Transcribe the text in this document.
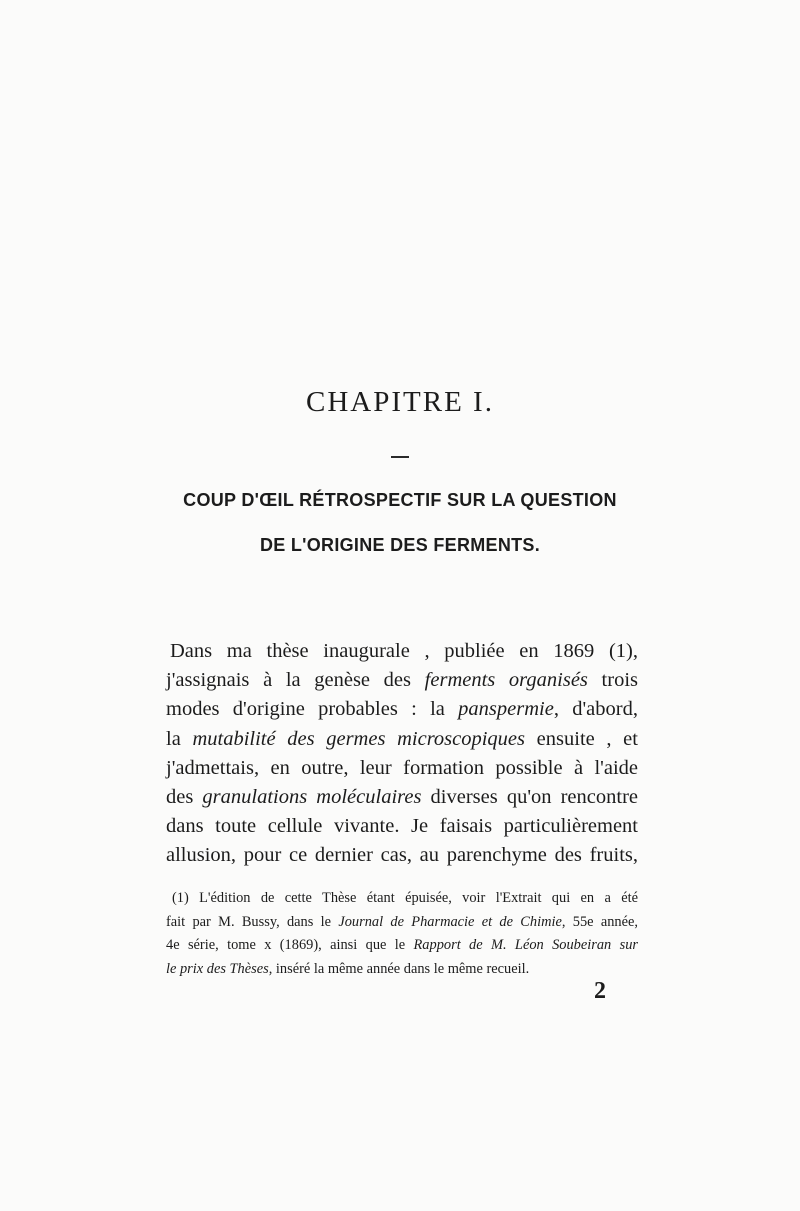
CHAPITRE I.
COUP D'ŒIL RÉTROSPECTIF SUR LA QUESTION
DE L'ORIGINE DES FERMENTS.

Dans ma thèse inaugurale , publiée en 1869 (1),
j'assignais à la genèse des ferments organisés trois
modes d'origine probables : la panspermie, d'abord,
la mutabilité des germes microscopiques ensuite , et
j'admettais, en outre, leur formation possible à l'aide
des granulations moléculaires diverses qu'on rencontre
dans toute cellule vivante. Je faisais particulièrement
allusion, pour ce dernier cas, au parenchyme des fruits,

(1) L'édition de cette Thèse étant épuisée, voir l'Extrait qui en a été
fait par M. Bussy, dans le Journal de Pharmacie et de Chimie, 55e année,
4e série, tome x (1869), ainsi que le Rapport de M. Léon Soubeiran sur
le prix des Thèses, inséré la même année dans le même recueil.

2
